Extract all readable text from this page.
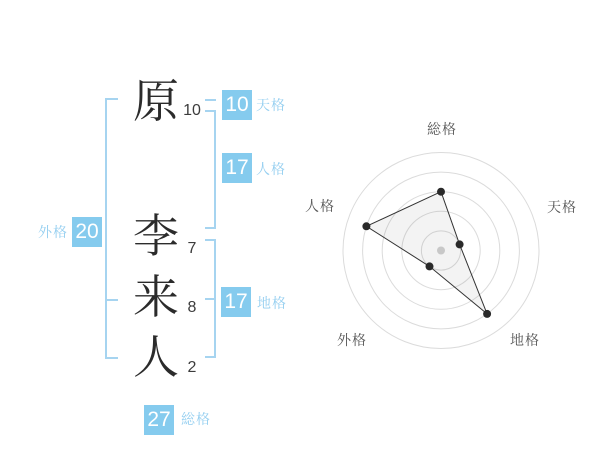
原
李
来
人
10
7
8
2
10 天格
17 人格
17 地格
外格 20
27 総格
総格
天格
地格
外格
人格
